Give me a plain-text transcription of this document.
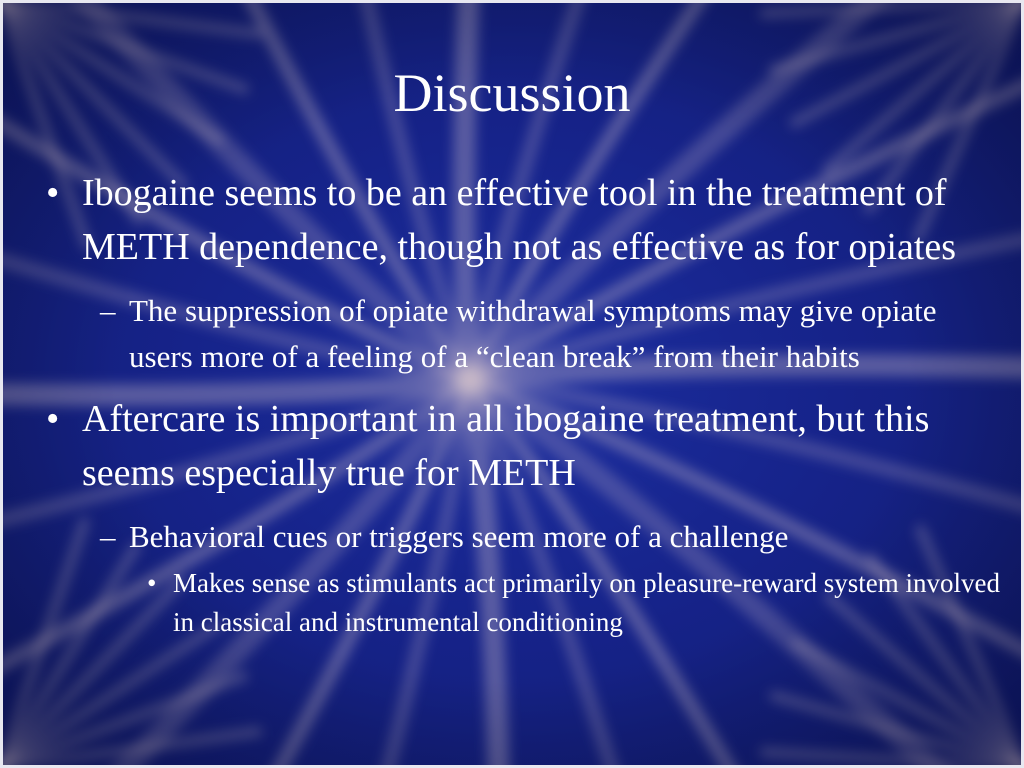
Discussion
• Ibogaine seems to be an effective tool in the treatment of METH dependence, though not as effective as for opiates
– The suppression of opiate withdrawal symptoms may give opiate users more of a feeling of a “clean break” from their habits
• Aftercare is important in all ibogaine treatment, but this seems especially true for METH
– Behavioral cues or triggers seem more of a challenge
• Makes sense as stimulants act primarily on pleasure-reward system involved in classical and instrumental conditioning
